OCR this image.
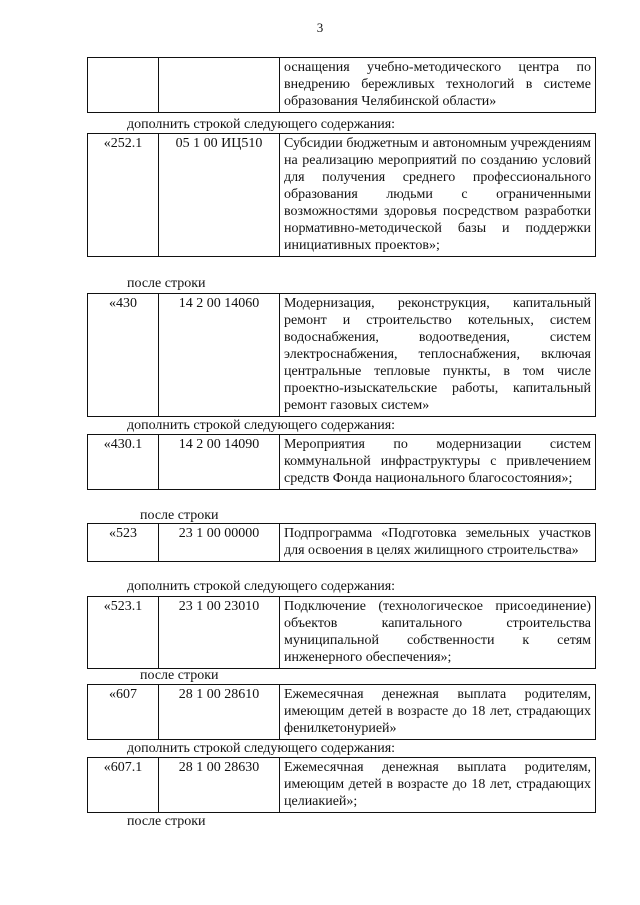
3
		оснащения учебно-методического центра по внедрению бережливых технологий в системе образования Челябинской области»
дополнить строкой следующего содержания:
«252.1	05 1 00 ИЦ510	Субсидии бюджетным и автономным учреждениям на реализацию мероприятий по созданию условий для получения среднего профессионального образования людьми с ограниченными возможностями здоровья посредством разработки нормативно-методической базы и поддержки инициативных проектов»;
после строки
«430	14 2 00 14060	Модернизация, реконструкция, капитальный ремонт и строительство котельных, систем водоснабжения, водоотведения, систем электроснабжения, теплоснабжения, включая центральные тепловые пункты, в том числе проектно-изыскательские работы, капитальный ремонт газовых систем»
дополнить строкой следующего содержания:
«430.1	14 2 00 14090	Мероприятия по модернизации систем коммунальной инфраструктуры с привлечением средств Фонда национального благосостояния»;
после строки
«523	23 1 00 00000	Подпрограмма «Подготовка земельных участков для освоения в целях жилищного строительства»
дополнить строкой следующего содержания:
«523.1	23 1 00 23010	Подключение (технологическое присоединение) объектов капитального строительства муниципальной собственности к сетям инженерного обеспечения»;
после строки
«607	28 1 00 28610	Ежемесячная денежная выплата родителям, имеющим детей в возрасте до 18 лет, страдающих фенилкетонурией»
дополнить строкой следующего содержания:
«607.1	28 1 00 28630	Ежемесячная денежная выплата родителям, имеющим детей в возрасте до 18 лет, страдающих целиакией»;
после строки
